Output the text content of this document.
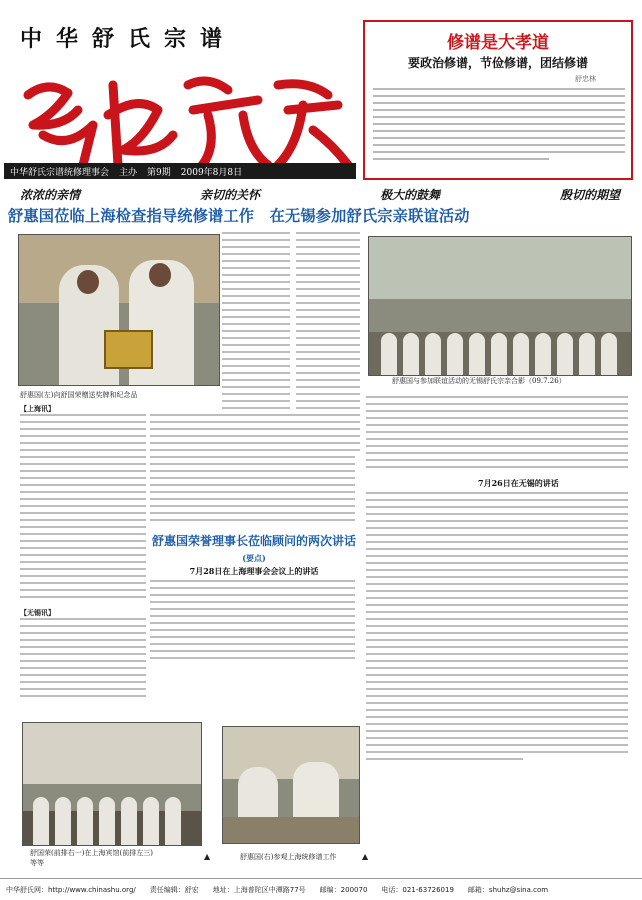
中华舒氏宗谱
中华舒氏宗谱统修理事会 主办 第9期 2009年8月8日
修谱是大孝道
要政治修谱，节俭修谱，团结修谱
舒忠林
浓浓的亲情	亲切的关怀	极大的鼓舞	殷切的期望
舒惠国莅临上海检查指导统修谱工作　在无锡参加舒氏宗亲联谊活动
舒惠国(左)向舒国荣赠送奖牌和纪念品
舒惠国与参加联谊活动的无锡舒氏宗亲合影（09.7.26）
【上海讯】
【无锡讯】
舒惠国荣誉理事长莅临顾问的两次讲话(要点)
7月28日在上海理事会会议上的讲话
7月26日在无锡的讲话
舒国荣(前排右一)在上海宾馆(前排左三)
等等
▲	舒惠国(右)参观上海统修谱工作	▲
中华舒氏网：http://www.chinashu.org/ 责任编辑：舒宏 地址：上海普陀区中潭路77号 邮编：200070 电话：021-63726019 邮箱：shuhz@sina.com
